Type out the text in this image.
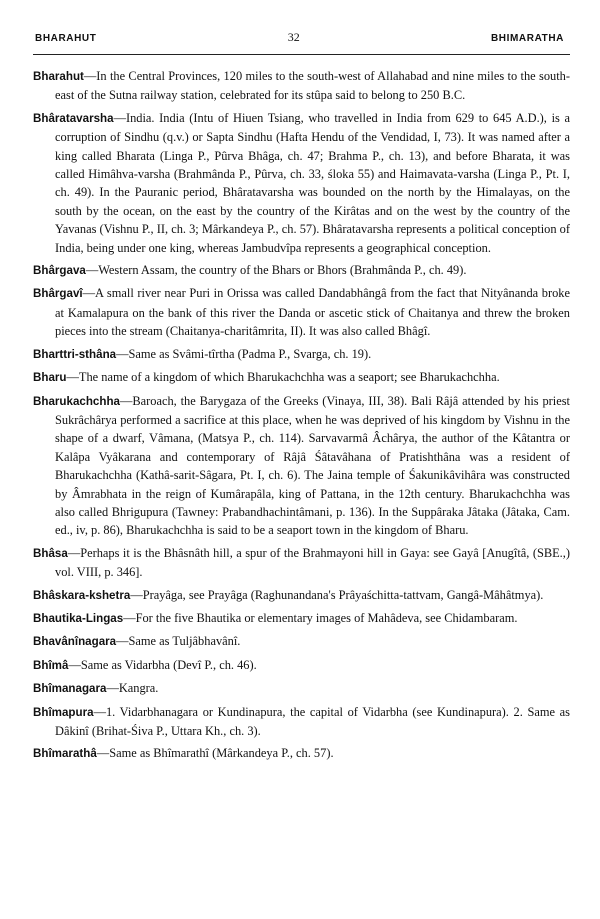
BHARAHUT	32	BHIMARATHA

Bharahut—In the Central Provinces, 120 miles to the south-west of Allahabad and nine miles to the south-east of the Sutna railway station, celebrated for its stûpa said to belong to 250 B.C.

Bhâratavarsha—India. India (Intu of Hiuen Tsiang, who travelled in India from 629 to 645 A.D.), is a corruption of Sindhu (q.v.) or Sapta Sindhu (Hafta Hendu of the Vendidad, I, 73). It was named after a king called Bharata (Linga P., Pûrva Bhâga, ch. 47; Brahma P., ch. 13), and before Bharata, it was called Himâhva-varsha (Brahmânda P., Pûrva, ch. 33, śloka 55) and Haimavata-varsha (Linga P., Pt. I, ch. 49). In the Pauranic period, Bhâratavarsha was bounded on the north by the Himalayas, on the south by the ocean, on the east by the country of the Kirâtas and on the west by the country of the Yavanas (Vishnu P., II, ch. 3; Mârkandeya P., ch. 57). Bhâratavarsha represents a political conception of India, being under one king, whereas Jambudvîpa represents a geographical conception.

Bhârgava—Western Assam, the country of the Bhars or Bhors (Brahmânda P., ch. 49).

Bhârgavî—A small river near Puri in Orissa was called Dandabhângâ from the fact that Nityânanda broke at Kamalapura on the bank of this river the Danda or ascetic stick of Chaitanya and threw the broken pieces into the stream (Chaitanya-charitâmrita, II). It was also called Bhâgî.

Bharttri-sthâna—Same as Svâmi-tîrtha (Padma P., Svarga, ch. 19).

Bharu—The name of a kingdom of which Bharukachchha was a seaport; see Bharukachchha.

Bharukachchha—Baroach, the Barygaza of the Greeks (Vinaya, III, 38). Bali Râjâ attended by his priest Sukrâchârya performed a sacrifice at this place, when he was deprived of his kingdom by Vishnu in the shape of a dwarf, Vâmana, (Matsya P., ch. 114). Sarvavarmâ Âchârya, the author of the Kâtantra or Kalâpa Vyâkarana and contemporary of Râjâ Śâtavâhana of Pratishthâna was a resident of Bharukachchha (Kathâ-sarit-Sâgara, Pt. I, ch. 6). The Jaina temple of Śakunikâvihâra was constructed by Âmrabhata in the reign of Kumârapâla, king of Pattana, in the 12th century. Bharukachchha was also called Bhrigupura (Tawney: Prabandhachintâmani, p. 136). In the Suppâraka Jâtaka (Jâtaka, Cam. ed., iv, p. 86), Bharukachchha is said to be a seaport town in the kingdom of Bharu.

Bhâsa—Perhaps it is the Bhâsnâth hill, a spur of the Brahmayoni hill in Gaya: see Gayâ [Anugîtâ, (SBE.,) vol. VIII, p. 346].

Bhâskara-kshetra—Prayâga, see Prayâga (Raghunandana's Prâyaśchitta-tattvam, Gangâ-Mâhâtmya).

Bhautika-Lingas—For the five Bhautika or elementary images of Mahâdeva, see Chidambaram.

Bhavânînagara—Same as Tuljâbhavânî.

Bhîmâ—Same as Vidarbha (Devî P., ch. 46).

Bhîmanagara—Kangra.

Bhîmapura—1. Vidarbhanagara or Kundinapura, the capital of Vidarbha (see Kundinapura). 2. Same as Dâkinî (Brihat-Śiva P., Uttara Kh., ch. 3).

Bhîmarathâ—Same as Bhîmarathî (Mârkandeya P., ch. 57).
